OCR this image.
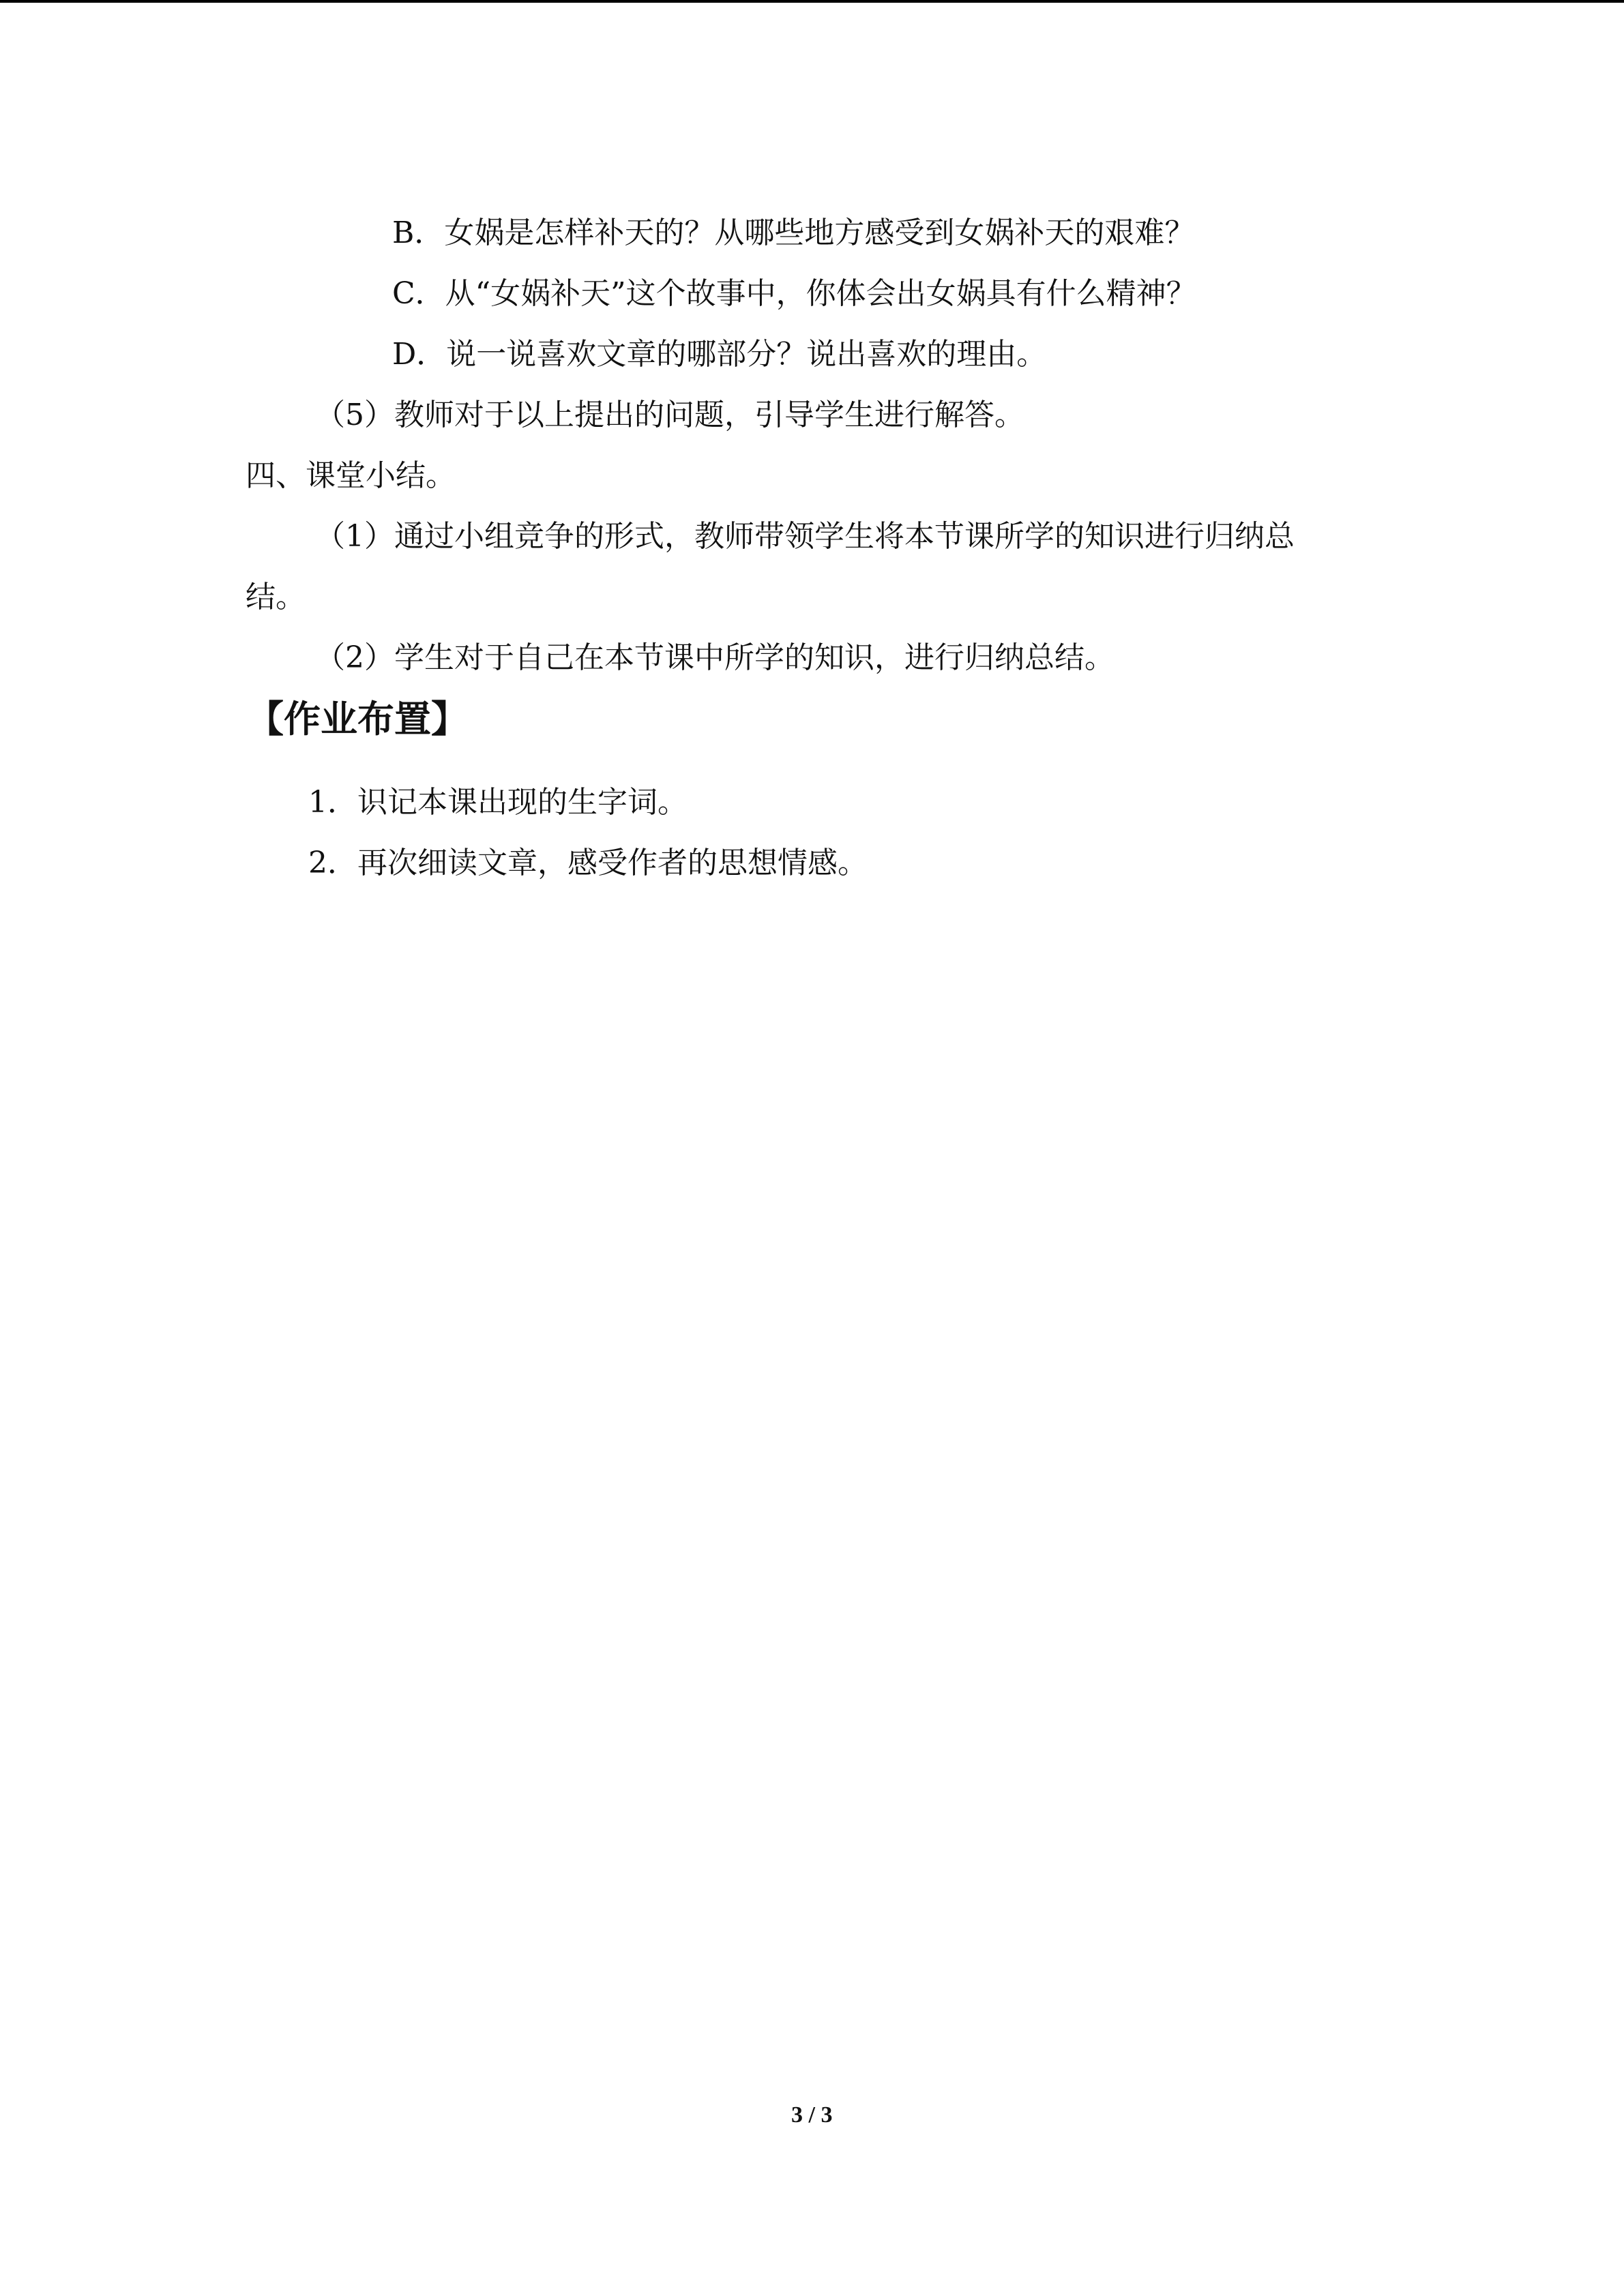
B．女娲是怎样补天的？从哪些地方感受到女娲补天的艰难？
C．从“女娲补天”这个故事中，你体会出女娲具有什么精神？
D．说一说喜欢文章的哪部分？说出喜欢的理由。
（5）教师对于以上提出的问题，引导学生进行解答。
四、课堂小结。
（1）通过小组竞争的形式，教师带领学生将本节课所学的知识进行归纳总
结。
（2）学生对于自己在本节课中所学的知识，进行归纳总结。
【作业布置】
1．识记本课出现的生字词。
2．再次细读文章，感受作者的思想情感。
3 / 3
